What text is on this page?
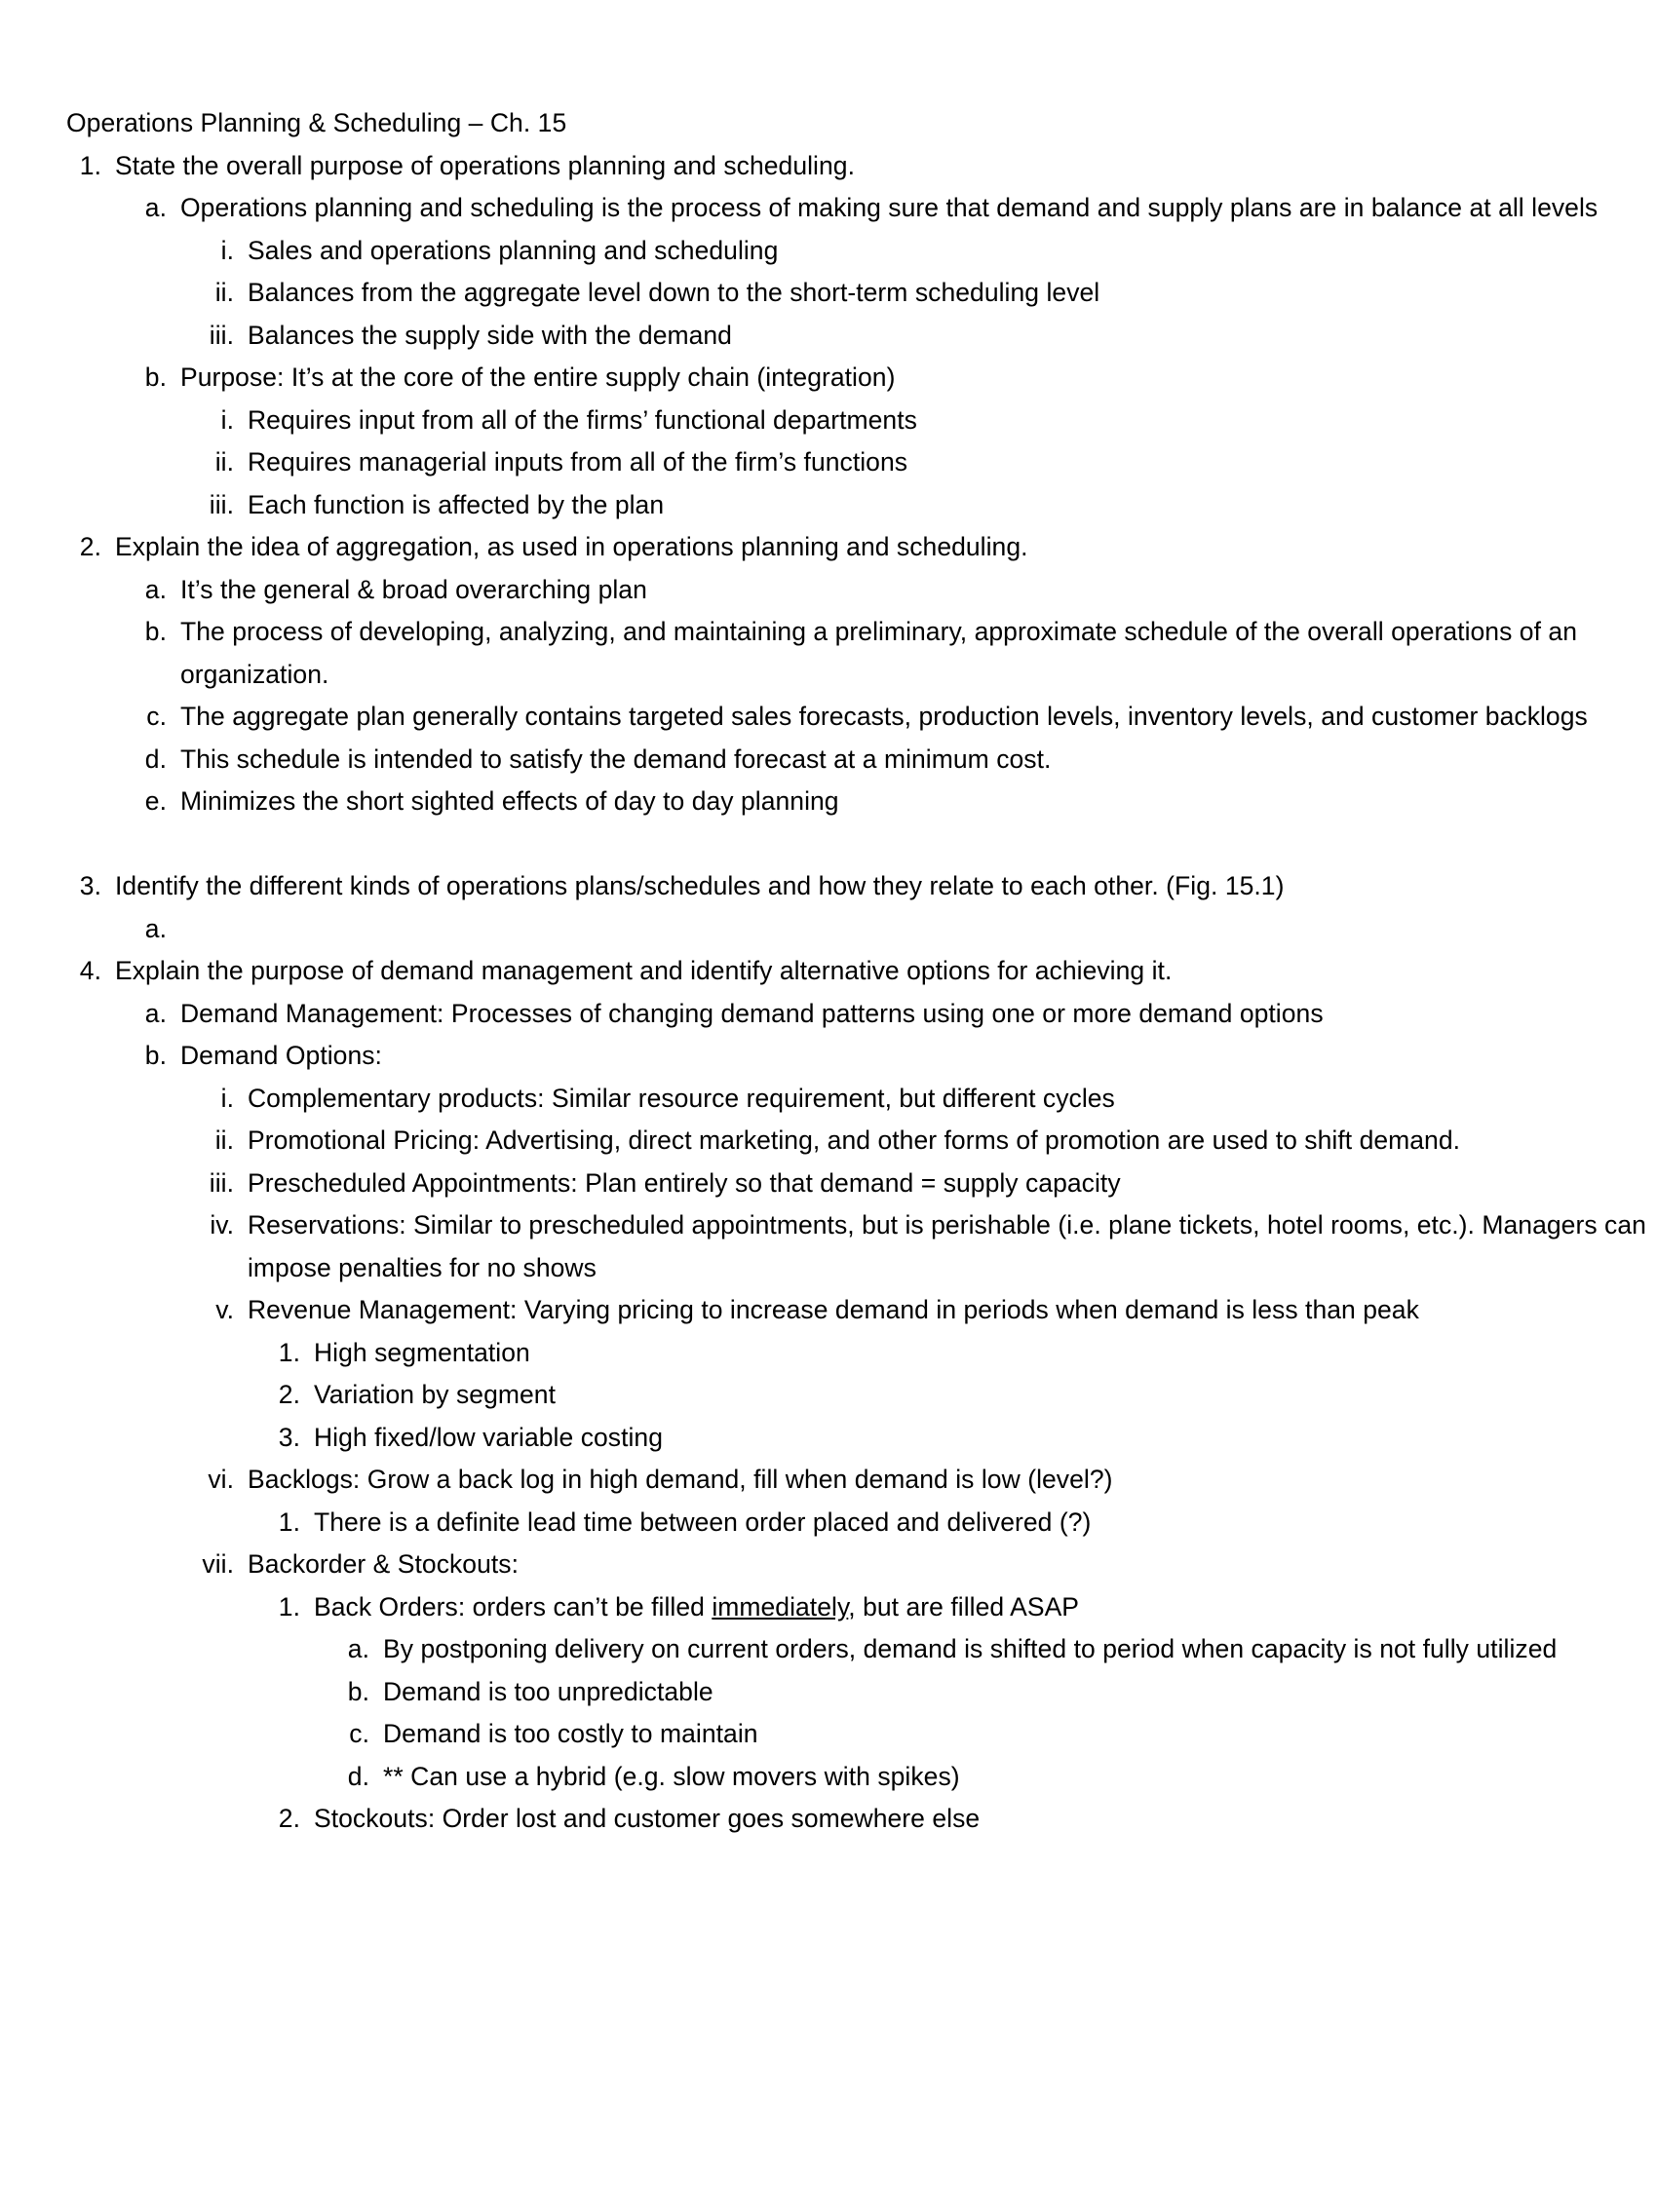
Operations Planning & Scheduling – Ch. 15
1. State the overall purpose of operations planning and scheduling.
a. Operations planning and scheduling is the process of making sure that demand and supply plans are in balance at all levels
i. Sales and operations planning and scheduling
ii. Balances from the aggregate level down to the short-term scheduling level
iii. Balances the supply side with the demand
b. Purpose: It’s at the core of the entire supply chain (integration)
i. Requires input from all of the firms’ functional departments
ii. Requires managerial inputs from all of the firm’s functions
iii. Each function is affected by the plan
2. Explain the idea of aggregation, as used in operations planning and scheduling.
a. It’s the general & broad overarching plan
b. The process of developing, analyzing, and maintaining a preliminary, approximate schedule of the overall operations of an organization.
c. The aggregate plan generally contains targeted sales forecasts, production levels, inventory levels, and customer backlogs
d. This schedule is intended to satisfy the demand forecast at a minimum cost.
e. Minimizes the short sighted effects of day to day planning
3. Identify the different kinds of operations plans/schedules and how they relate to each other. (Fig. 15.1)
a.
4. Explain the purpose of demand management and identify alternative options for achieving it.
a. Demand Management: Processes of changing demand patterns using one or more demand options
b. Demand Options:
i. Complementary products: Similar resource requirement, but different cycles
ii. Promotional Pricing: Advertising, direct marketing, and other forms of promotion are used to shift demand.
iii. Prescheduled Appointments: Plan entirely so that demand = supply capacity
iv. Reservations: Similar to prescheduled appointments, but is perishable (i.e. plane tickets, hotel rooms, etc.). Managers can impose penalties for no shows
v. Revenue Management: Varying pricing to increase demand in periods when demand is less than peak
1. High segmentation
2. Variation by segment
3. High fixed/low variable costing
vi. Backlogs: Grow a back log in high demand, fill when demand is low (level?)
1. There is a definite lead time between order placed and delivered (?)
vii. Backorder & Stockouts:
1. Back Orders: orders can’t be filled immediately, but are filled ASAP
a. By postponing delivery on current orders, demand is shifted to period when capacity is not fully utilized
b. Demand is too unpredictable
c. Demand is too costly to maintain
d. ** Can use a hybrid (e.g. slow movers with spikes)
2. Stockouts: Order lost and customer goes somewhere else
